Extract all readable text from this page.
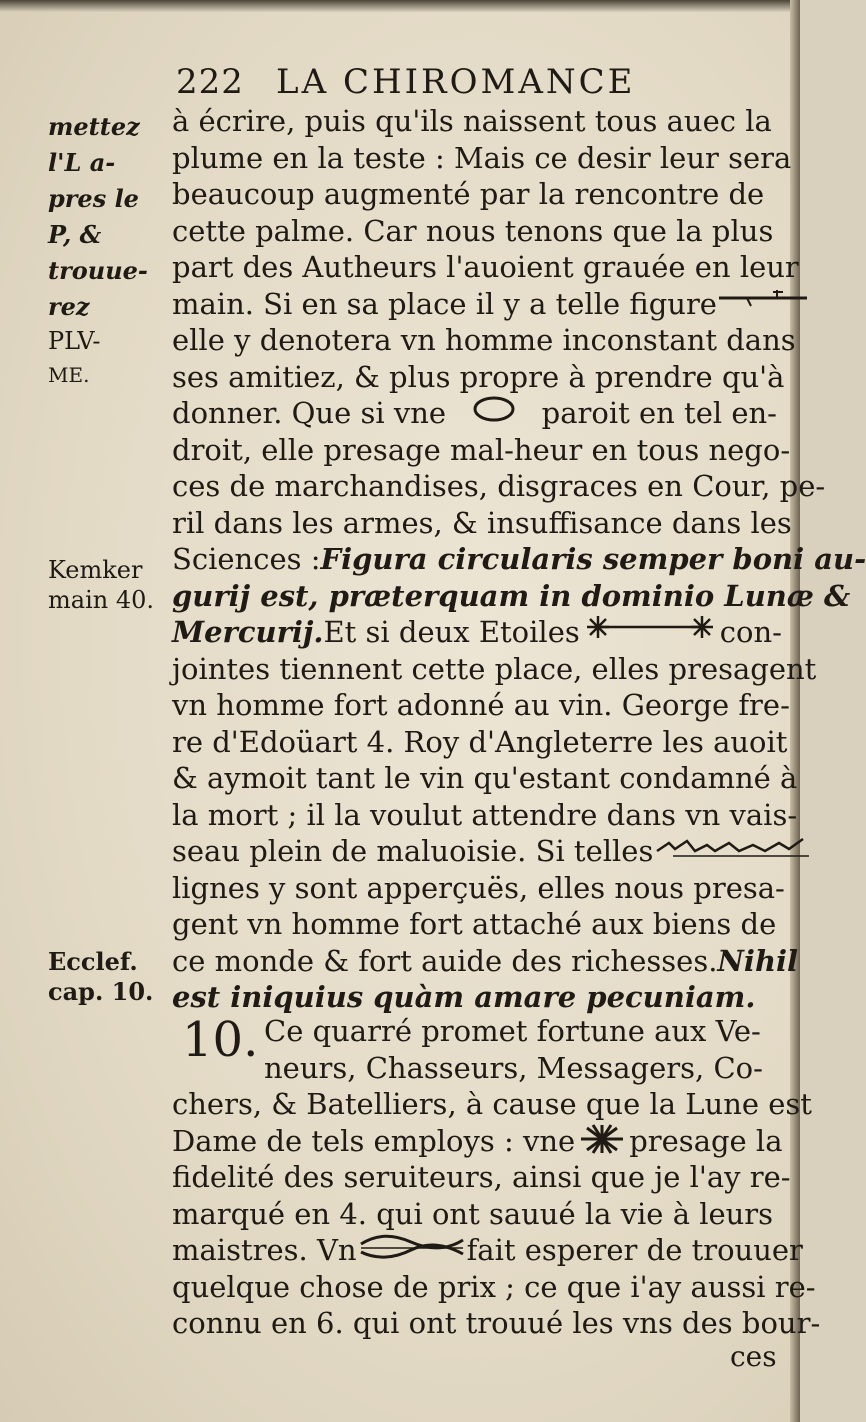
222 LA CHIROMANCE
mettez
l'L a-
pres le
P, &
trouue-
rez
PLV-
ME.
Kemker
main 40.
Ecclef.
cap. 10.
à écrire, puis qu'ils naissent tous auec la
plume en la teste : Mais ce desir leur sera
beaucoup augmenté par la rencontre de
cette palme. Car nous tenons que la plus
part des Autheurs l'auoient grauée en leur
main. Si en sa place il y a telle figure
elle y denotera vn homme inconstant dans
ses amitiez, & plus propre à prendre qu'à
donner. Que si vne	paroit en tel en-
droit, elle presage mal-heur en tous nego-
ces de marchandises, disgraces en Cour, pe-
ril dans les armes, & insuffisance dans les
Sciences : Figura circularis semper boni au-
gurij est, præterquam in dominio Lunæ &
Mercurij. Et si deux Etoiles	con-
jointes tiennent cette place, elles presagent
vn homme fort adonné au vin. George fre-
re d'Edoüart 4. Roy d'Angleterre les auoit
& aymoit tant le vin qu'estant condamné à
la mort ; il la voulut attendre dans vn vais-
seau plein de maluoisie. Si telles
lignes y sont apperçuës, elles nous presa-
gent vn homme fort attaché aux biens de
ce monde & fort auide des richesses. Nihil
est iniquius quàm amare pecuniam.
10. Ce quarré promet fortune aux Ve-
neurs, Chasseurs, Messagers, Co-
chers, & Batelliers, à cause que la Lune est
Dame de tels employs : vne presage la
fidelité des seruiteurs, ainsi que je l'ay re-
marqué en 4. qui ont sauué la vie à leurs
maistres. Vn	fait esperer de trouuer
quelque chose de prix ; ce que i'ay aussi re-
connu en 6. qui ont trouué les vns des bour-
ces
